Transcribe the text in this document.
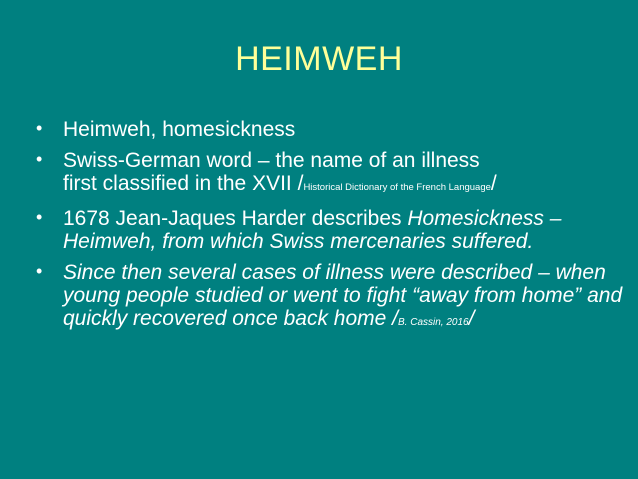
HEIMWEH
• Heimweh, homesickness
• Swiss-German word – the name of an illness
first classified in the XVII /Historical Dictionary of the French Language/
• 1678 Jean-Jaques Harder describes Homesickness – Heimweh, from which Swiss mercenaries suffered.
• Since then several cases of illness were described – when young people studied or went to fight “away from home” and quickly recovered once back home /B. Cassin, 2016/
